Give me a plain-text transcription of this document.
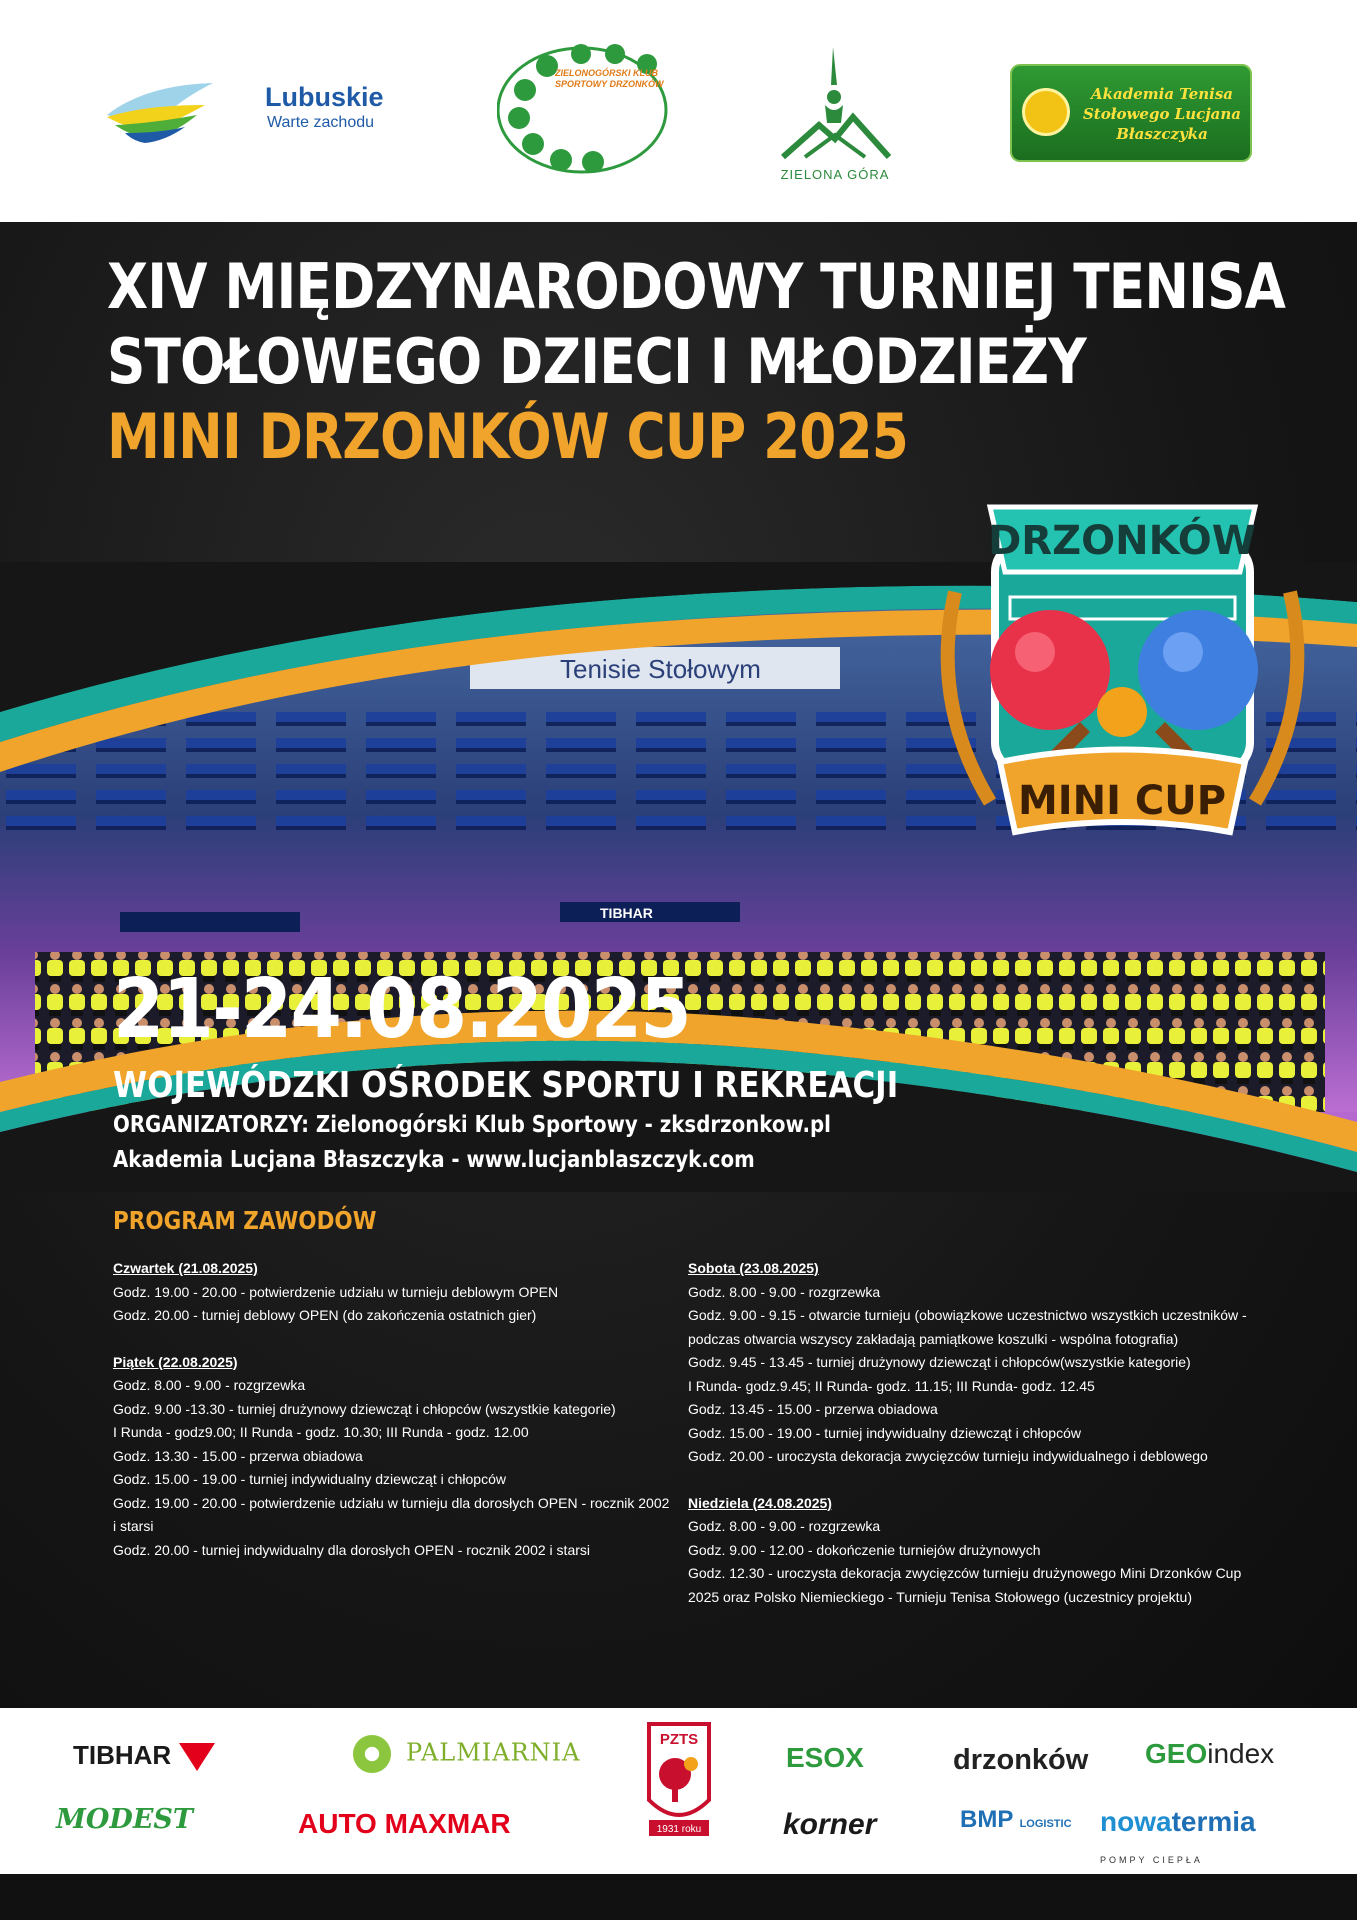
Lubuskie
Warte zachodu
ZIELONOGÓRSKI KLUB SPORTOWY DRZONKÓW
ZIELONA GÓRA
Akademia Tenisa Stołowego Lucjana Błaszczyka
XIV MIĘDZYNARODOWY TURNIEJ TENISA
STOŁOWEGO DZIECI I MŁODZIEŻY
MINI DRZONKÓW CUP 2025
Tenisie Stołowym
TIBHAR
DRZONKÓW
MINI CUP
21-24.08.2025
WOJEWÓDZKI OŚRODEK SPORTU I REKREACJI
ORGANIZATORZY: Zielonogórski Klub Sportowy - zksdrzonkow.pl
Akademia Lucjana Błaszczyka - www.lucjanblaszczyk.com
PROGRAM ZAWODÓW
Czwartek (21.08.2025)
Godz. 19.00 - 20.00 - potwierdzenie udziału w turnieju deblowym OPEN
Godz. 20.00 - turniej deblowy OPEN (do zakończenia ostatnich gier)
Piątek (22.08.2025)
Godz. 8.00 - 9.00 - rozgrzewka
Godz. 9.00 -13.30 - turniej drużynowy dziewcząt i chłopców (wszystkie kategorie)
I Runda - godz9.00; II Runda - godz. 10.30; III Runda - godz. 12.00
Godz. 13.30 - 15.00 - przerwa obiadowa
Godz. 15.00 - 19.00 - turniej indywidualny dziewcząt i chłopców
Godz. 19.00 - 20.00 - potwierdzenie udziału w turnieju dla dorosłych OPEN - rocznik 2002 i starsi
Godz. 20.00 - turniej indywidualny dla dorosłych OPEN - rocznik 2002 i starsi
Sobota (23.08.2025)
Godz. 8.00 - 9.00 - rozgrzewka
Godz. 9.00 - 9.15 - otwarcie turnieju (obowiązkowe uczestnictwo wszystkich uczestników - podczas otwarcia wszyscy zakładają pamiątkowe koszulki - wspólna fotografia)
Godz. 9.45 - 13.45 - turniej drużynowy dziewcząt i chłopców(wszystkie kategorie)
I Runda- godz.9.45; II Runda- godz. 11.15; III Runda- godz. 12.45
Godz. 13.45 - 15.00 - przerwa obiadowa
Godz. 15.00 - 19.00 - turniej indywidualny dziewcząt i chłopców
Godz. 20.00 - uroczysta dekoracja zwycięzców turnieju indywidualnego i deblowego
Niedziela (24.08.2025)
Godz. 8.00 - 9.00 - rozgrzewka
Godz. 9.00 - 12.00 - dokończenie turniejów drużynowych
Godz. 12.30 - uroczysta dekoracja zwycięzców turnieju drużynowego Mini Drzonków Cup 2025 oraz Polsko Niemieckiego - Turnieju Tenisa Stołowego (uczestnicy projektu)
TIBHAR	PALMIARNIA	PZTS
1931 roku
ESOX	drzonków GEOindex
MODEST	AUTO MAXMAR	korner	BMP LOGISTIC nowatermia
POMPY CIEPŁA
